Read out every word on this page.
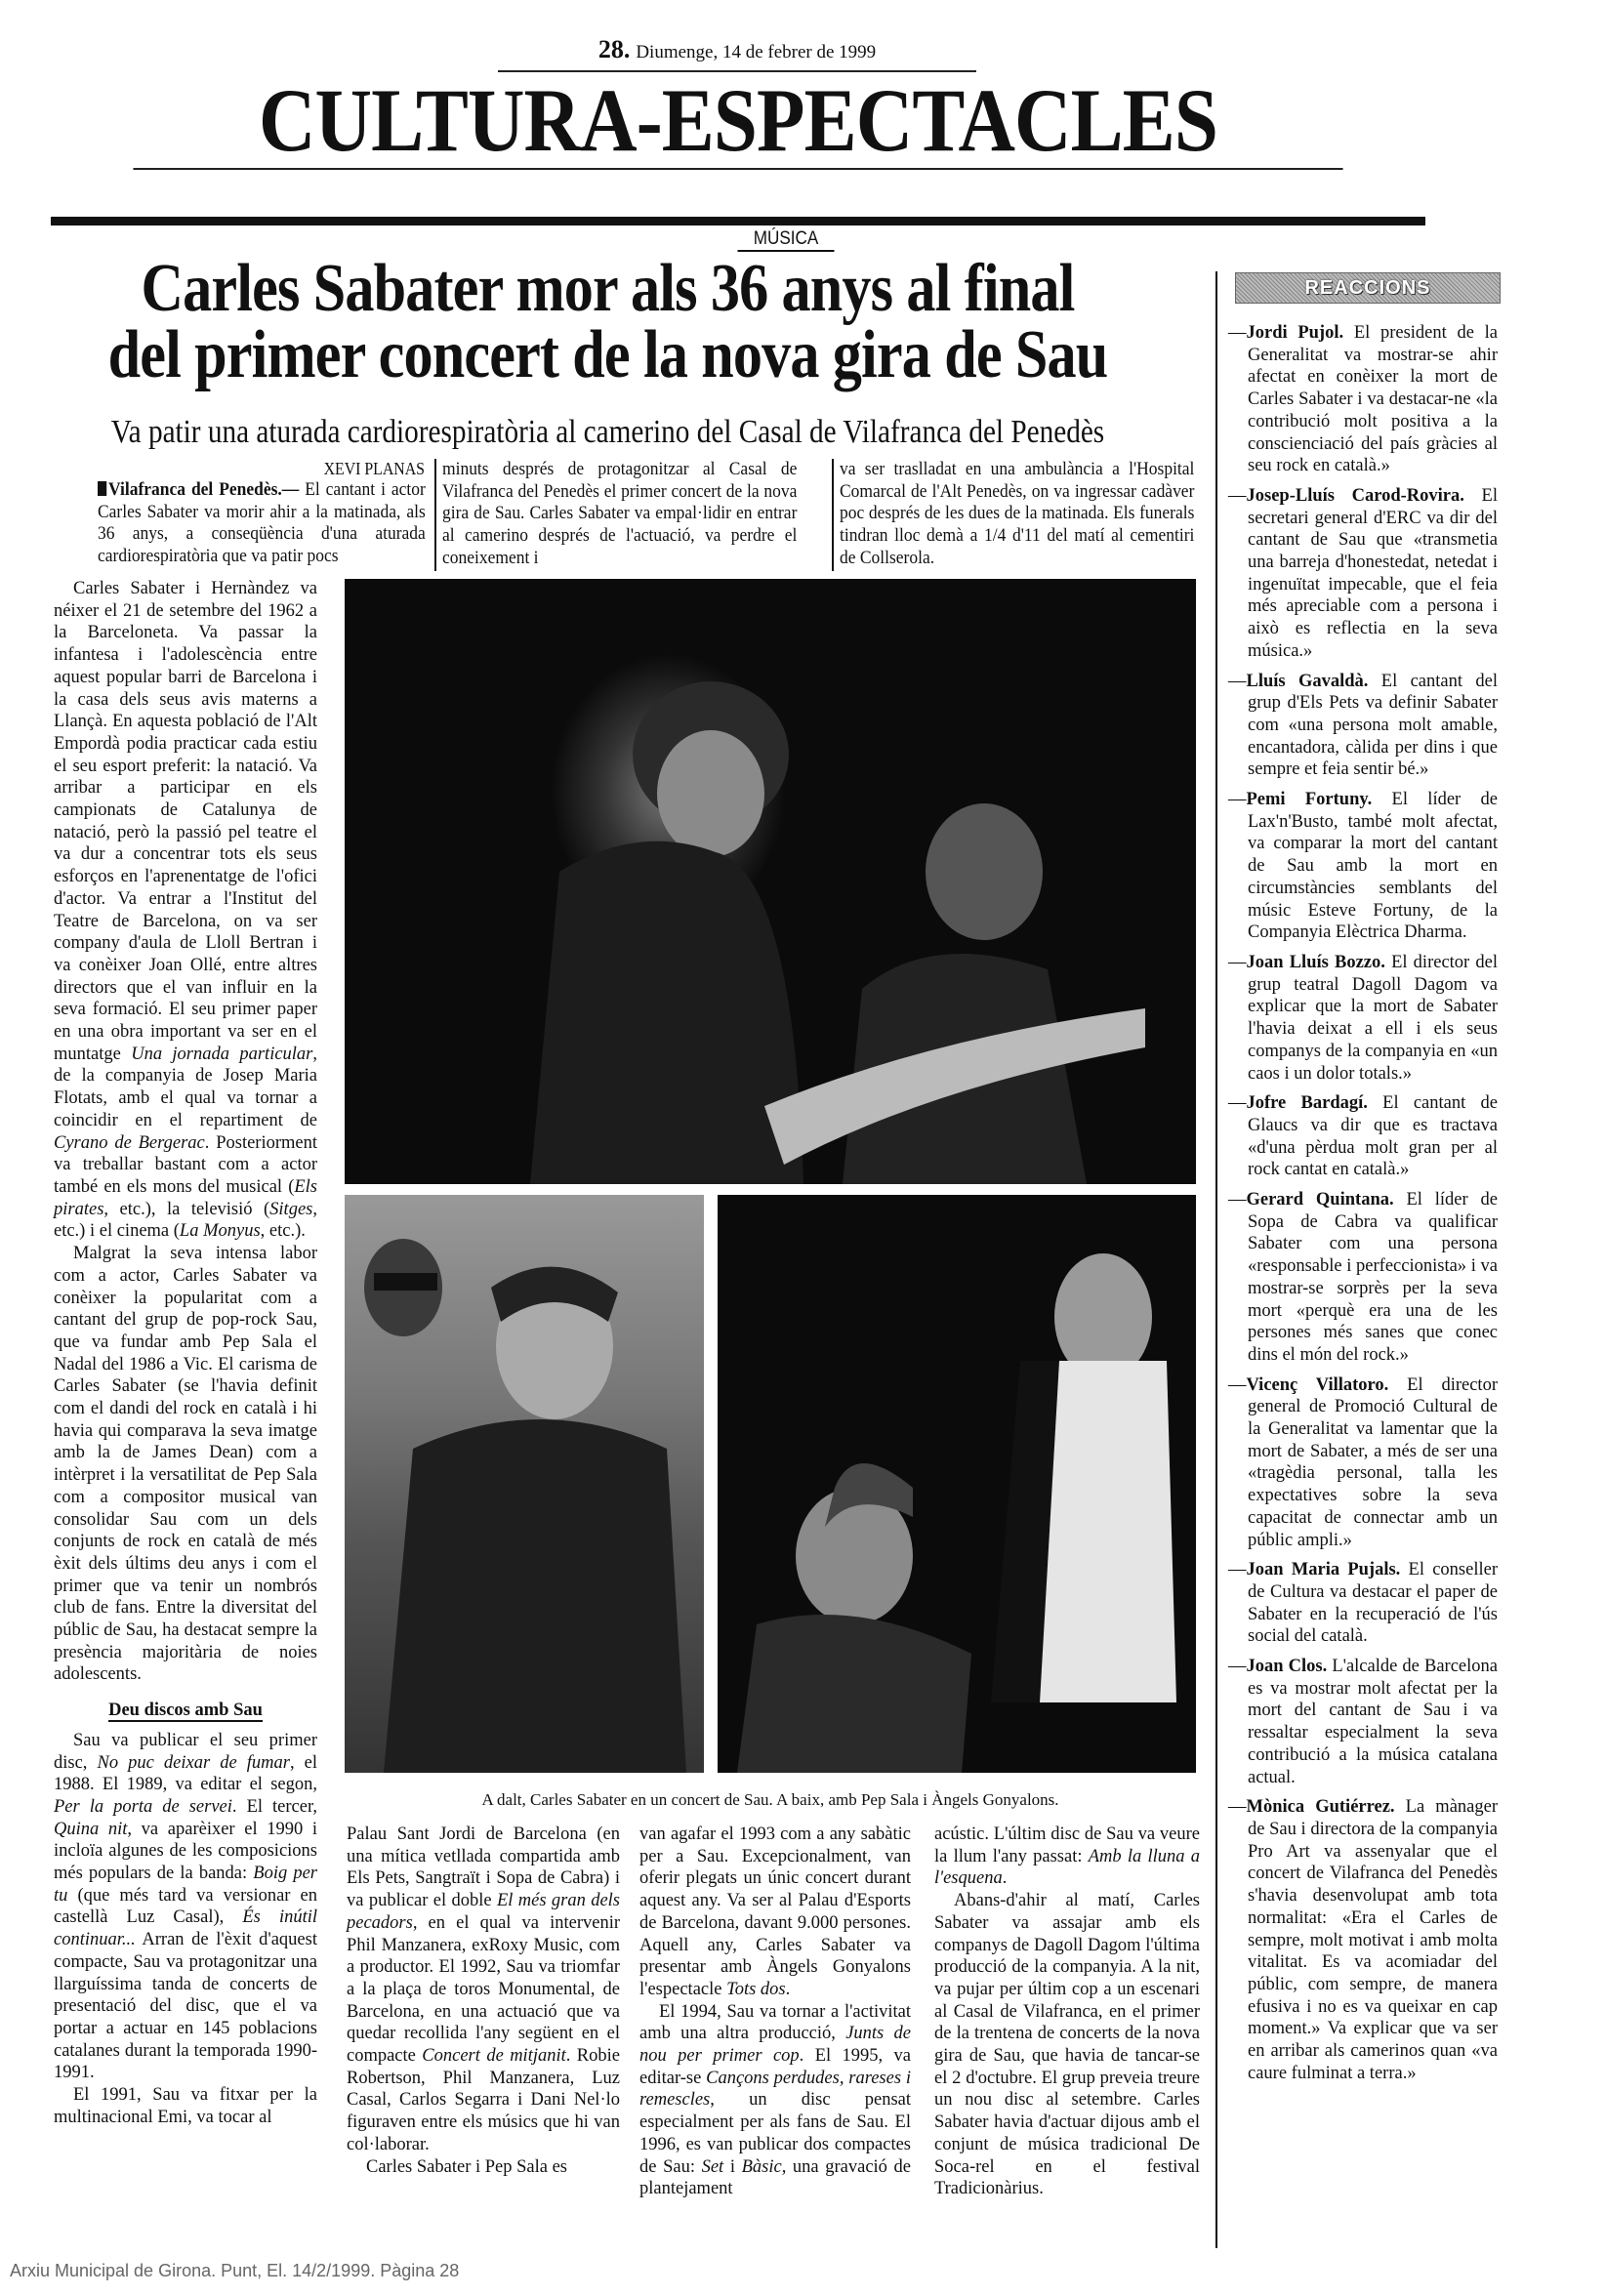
28. Diumenge, 14 de febrer de 1999
CULTURA-ESPECTACLES
MÚSICA
Carles Sabater mor als 36 anys al final
del primer concert de la nova gira de Sau
Va patir una aturada cardiorespiratòria al camerino del Casal de Vilafranca del Penedès
XEVI PLANAS
Vilafranca del Penedès.— El cantant i actor Carles Sabater va morir ahir a la matinada, als 36 anys, a conseqüència d'una aturada cardiorespiratòria que va patir pocs
minuts després de protagonitzar al Casal de Vilafranca del Penedès el primer concert de la nova gira de Sau. Carles Sabater va empal·lidir en entrar al camerino després de l'actuació, va perdre el coneixement i
va ser traslladat en una ambulància a l'Hospital Comarcal de l'Alt Penedès, on va ingressar cadàver poc després de les dues de la matinada. Els funerals tindran lloc demà a 1/4 d'11 del matí al cementiri de Collserola.

Carles Sabater i Hernàndez va néixer el 21 de setembre del 1962 a la Barceloneta. Va passar la infantesa i l'adolescència entre aquest popular barri de Barcelona i la casa dels seus avis materns a Llançà. En aquesta població de l'Alt Empordà podia practicar cada estiu el seu esport preferit: la natació. Va arribar a participar en els campionats de Catalunya de natació, però la passió pel teatre el va dur a concentrar tots els seus esforços en l'aprenentatge de l'ofici d'actor. Va entrar a l'Institut del Teatre de Barcelona, on va ser company d'aula de Lloll Bertran i va conèixer Joan Ollé, entre altres directors que el van influir en la seva formació. El seu primer paper en una obra important va ser en el muntatge Una jornada particular, de la companyia de Josep Maria Flotats, amb el qual va tornar a coincidir en el repartiment de Cyrano de Bergerac. Posteriorment va treballar bastant com a actor també en els mons del musical (Els pirates, etc.), la televisió (Sitges, etc.) i el cinema (La Monyus, etc.).

Malgrat la seva intensa labor com a actor, Carles Sabater va conèixer la popularitat com a cantant del grup de pop-rock Sau, que va fundar amb Pep Sala el Nadal del 1986 a Vic. El carisma de Carles Sabater (se l'havia definit com el dandi del rock en català i hi havia qui comparava la seva imatge amb la de James Dean) com a intèrpret i la versatilitat de Pep Sala com a compositor musical van consolidar Sau com un dels conjunts de rock en català de més èxit dels últims deu anys i com el primer que va tenir un nombrós club de fans. Entre la diversitat del públic de Sau, ha destacat sempre la presència majoritària de noies adolescents.

Deu discos amb Sau

Sau va publicar el seu primer disc, No puc deixar de fumar, el 1988. El 1989, va editar el segon, Per la porta de servei. El tercer, Quina nit, va aparèixer el 1990 i incloïa algunes de les composicions més populars de la banda: Boig per tu (que més tard va versionar en castellà Luz Casal), És inútil continuar... Arran de l'èxit d'aquest compacte, Sau va protagonitzar una llarguíssima tanda de concerts de presentació del disc, que el va portar a actuar en 145 poblacions catalanes durant la temporada 1990-1991.

El 1991, Sau va fitxar per la multinacional Emi, va tocar al

A dalt, Carles Sabater en un concert de Sau. A baix, amb Pep Sala i Àngels Gonyalons.

Palau Sant Jordi de Barcelona (en una mítica vetllada compartida amb Els Pets, Sangtraït i Sopa de Cabra) i va publicar el doble El més gran dels pecadors, en el qual va intervenir Phil Manzanera, exRoxy Music, com a productor. El 1992, Sau va triomfar a la plaça de toros Monumental, de Barcelona, en una actuació que va quedar recollida l'any següent en el compacte Concert de mitjanit. Robie Robertson, Phil Manzanera, Luz Casal, Carlos Segarra i Dani Nel·lo figuraven entre els músics que hi van col·laborar.

Carles Sabater i Pep Sala es

van agafar el 1993 com a any sabàtic per a Sau. Excepcionalment, van oferir plegats un únic concert durant aquest any. Va ser al Palau d'Esports de Barcelona, davant 9.000 persones. Aquell any, Carles Sabater va presentar amb Àngels Gonyalons l'espectacle Tots dos.

El 1994, Sau va tornar a l'activitat amb una altra producció, Junts de nou per primer cop. El 1995, va editar-se Cançons perdudes, rareses i remescles, un disc pensat especialment per als fans de Sau. El 1996, es van publicar dos compactes de Sau: Set i Bàsic, una gravació de plantejament

acústic. L'últim disc de Sau va veure la llum l'any passat: Amb la lluna a l'esquena.

Abans-d'ahir al matí, Carles Sabater va assajar amb els companys de Dagoll Dagom l'última producció de la companyia. A la nit, va pujar per últim cop a un escenari al Casal de Vilafranca, en el primer de la trentena de concerts de la nova gira de Sau, que havia de tancar-se el 2 d'octubre. El grup preveia treure un nou disc al setembre. Carles Sabater havia d'actuar dijous amb el conjunt de música tradicional De Soca-rel en el festival Tradicionàrius.

REACCIONS
—Jordi Pujol. El president de la Generalitat va mostrar-se ahir afectat en conèixer la mort de Carles Sabater i va destacar-ne «la contribució molt positiva a la conscienciació del país gràcies al seu rock en català.»
—Josep-Lluís Carod-Rovira. El secretari general d'ERC va dir del cantant de Sau que «transmetia una barreja d'honestedat, netedat i ingenuïtat impecable, que el feia més apreciable com a persona i això es reflectia en la seva música.»
—Lluís Gavaldà. El cantant del grup d'Els Pets va definir Sabater com «una persona molt amable, encantadora, càlida per dins i que sempre et feia sentir bé.»
—Pemi Fortuny. El líder de Lax'n'Busto, també molt afectat, va comparar la mort del cantant de Sau amb la mort en circumstàncies semblants del músic Esteve Fortuny, de la Companyia Elèctrica Dharma.
—Joan Lluís Bozzo. El director del grup teatral Dagoll Dagom va explicar que la mort de Sabater l'havia deixat a ell i els seus companys de la companyia en «un caos i un dolor totals.»
—Jofre Bardagí. El cantant de Glaucs va dir que es tractava «d'una pèrdua molt gran per al rock cantat en català.»
—Gerard Quintana. El líder de Sopa de Cabra va qualificar Sabater com una persona «responsable i perfeccionista» i va mostrar-se sorprès per la seva mort «perquè era una de les persones més sanes que conec dins el món del rock.»
—Vicenç Villatoro. El director general de Promoció Cultural de la Generalitat va lamentar que la mort de Sabater, a més de ser una «tragèdia personal, talla les expectatives sobre la seva capacitat de connectar amb un públic ampli.»
—Joan Maria Pujals. El conseller de Cultura va destacar el paper de Sabater en la recuperació de l'ús social del català.
—Joan Clos. L'alcalde de Barcelona es va mostrar molt afectat per la mort del cantant de Sau i va ressaltar especialment la seva contribució a la música catalana actual.
—Mònica Gutiérrez. La mànager de Sau i directora de la companyia Pro Art va assenyalar que el concert de Vilafranca del Penedès s'havia desenvolupat amb tota normalitat: «Era el Carles de sempre, molt motivat i amb molta vitalitat. Es va acomiadar del públic, com sempre, de manera efusiva i no es va queixar en cap moment.» Va explicar que va ser en arribar als camerinos quan «va caure fulminat a terra.»
Arxiu Municipal de Girona. Punt, El. 14/2/1999. Pàgina 28
